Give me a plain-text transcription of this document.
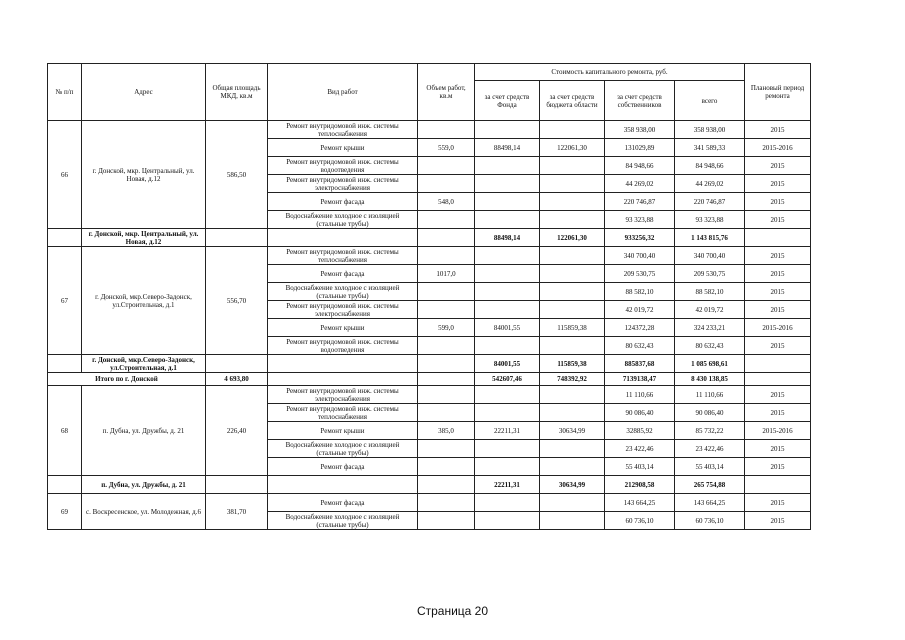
№ п/п	Адрес	Общая площадь МКД, кв.м	Вид работ	Объем работ, кв.м	Стоимость капитального ремонта, руб.				Плановый период ремонта
					за счет средств Фонда	за счет средств бюджета области	за счет средств собственников	всего	
66	г. Донской, мкр. Центральный, ул. Новая, д.12	586,50	Ремонт внутридомовой инж. системы теплоснабжения				358 938,00	358 938,00	2015
			Ремонт крыши	559,0	88498,14	122061,30	131029,89	341 589,33	2015-2016
			Ремонт внутридомовой инж. системы водоотведения				84 948,66	84 948,66	2015
			Ремонт внутридомовой инж. системы электроснабжения				44 269,02	44 269,02	2015
			Ремонт фасада	548,0			220 746,87	220 746,87	2015
			Водоснабжение холодное с изоляцией (стальные трубы)				93 323,88	93 323,88	2015
	г. Донской, мкр. Центральный, ул. Новая, д.12				88498,14	122061,30	933256,32	1 143 815,76	
67	г. Донской, мкр.Северо-Задонск, ул.Строительная, д.1	556,70	Ремонт внутридомовой инж. системы теплоснабжения				340 700,40	340 700,40	2015
			Ремонт фасада	1017,0			209 530,75	209 530,75	2015
			Водоснабжение холодное с изоляцией (стальные трубы)				88 582,10	88 582,10	2015
			Ремонт внутридомовой инж. системы электроснабжения				42 019,72	42 019,72	2015
			Ремонт крыши	599,0	84001,55	115859,38	124372,28	324 233,21	2015-2016
			Ремонт внутридомовой инж. системы водоотведения				80 632,43	80 632,43	2015
	г. Донской, мкр.Северо-Задонск, ул.Строительная, д.1				84001,55	115859,38	885837,68	1 085 698,61	
Итого по г. Донской		4 693,80			542607,46	748392,92	7139138,47	8 430 138,85	
68	п. Дубна, ул. Дружбы, д. 21	226,40	Ремонт внутридомовой инж. системы электроснабжения				11 110,66	11 110,66	2015
			Ремонт внутридомовой инж. системы теплоснабжения				90 086,40	90 086,40	2015
			Ремонт крыши	385,0	22211,31	30634,99	32885,92	85 732,22	2015-2016
			Водоснабжение холодное с изоляцией (стальные трубы)				23 422,46	23 422,46	2015
			Ремонт фасада				55 403,14	55 403,14	2015
	п. Дубна, ул. Дружбы, д. 21				22211,31	30634,99	212908,58	265 754,88	
69	с. Воскресенское, ул. Молодежная, д.6	381,70	Ремонт фасада				143 664,25	143 664,25	2015
			Водоснабжение холодное с изоляцией (стальные трубы)				60 736,10	60 736,10	2015
Страница 20
